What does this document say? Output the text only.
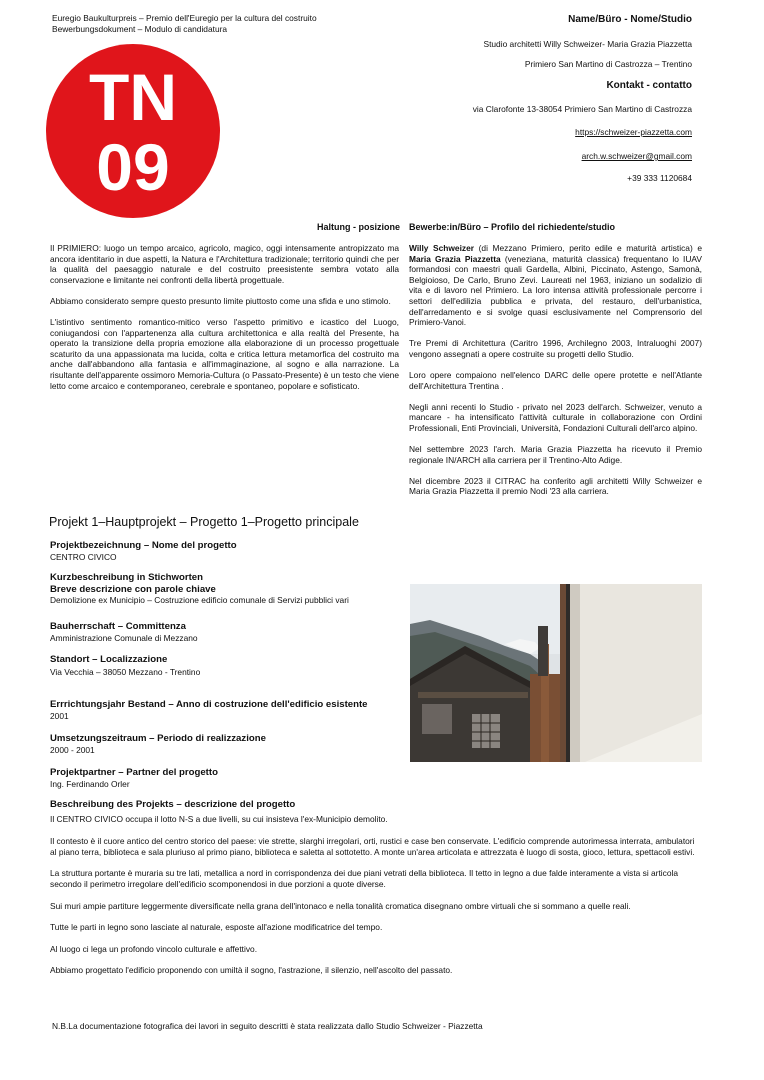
Euregio Baukulturpreis – Premio dell'Euregio per la cultura del costruito
Bewerbungsdokument – Modulo di candidatura
TN
09
Name/Büro - Nome/Studio
Studio architetti Willy Schweizer- Maria Grazia Piazzetta
Primiero San Martino di Castrozza – Trentino
Kontakt - contatto
via Clarofonte 13-38054 Primiero San Martino di Castrozza
https://schweizer-piazzetta.com
arch.w.schweizer@gmail.com
+39 333 1120684
Haltung - posizione

Il PRIMIERO: luogo un tempo arcaico, agricolo, magico, oggi intensamente antropizzato ma ancora identitario in due aspetti, la Natura e l'Architettura tradizionale; territorio quindi che per la qualità del paesaggio naturale e del costruito preesistente sembra votato alla conservazione e limitante nei confronti della libertà progettuale.

Abbiamo considerato sempre questo presunto limite piuttosto come una sfida e uno stimolo.

L'istintivo sentimento romantico-mitico verso l'aspetto primitivo e icastico del Luogo, coniugandosi con l'appartenenza alla cultura architettonica e alla realtà del Presente, ha operato la transizione della propria emozione alla elaborazione di un processo progettuale scaturito da una appassionata ma lucida, colta e critica lettura metamorfica del costruito ma anche dall'abbandono alla fantasia e all'immaginazione, al sogno e alla narrazione. La risultante dell'apparente ossimoro Memoria-Cultura (o Passato-Presente) è un testo che viene letto come arcaico e contemporaneo, cerebrale e spontaneo, popolare e sofisticato.

Bewerbe:in/Büro – Profilo del richiedente/studio

Willy Schweizer (di Mezzano Primiero, perito edile e maturità artistica) e Maria Grazia Piazzetta (veneziana, maturità classica) frequentano lo IUAV formandosi con maestri quali Gardella, Albini, Piccinato, Astengo, Samonà, Belgioioso, De Carlo, Bruno Zevi. Laureati nel 1963, iniziano un sodalizio di vita e di lavoro nel Primiero. La loro intensa attività professionale percorre i settori dell'edilizia pubblica e privata, del restauro, dell'urbanistica, dell'arredamento e si svolge quasi esclusivamente nel Comprensorio del Primiero-Vanoi.

Tre Premi di Architettura (Caritro 1996, Archilegno 2003, Intraluoghi 2007) vengono assegnati a opere costruite su progetti dello Studio.

Loro opere compaiono nell'elenco DARC delle opere protette e nell'Atlante dell'Architettura Trentina .

Negli anni recenti lo Studio - privato nel 2023 dell'arch. Schweizer, venuto a mancare - ha intensificato l'attività culturale in collaborazione con Ordini Professionali, Enti Provinciali, Università, Fondazioni Culturali dell'arco alpino.

Nel settembre 2023 l'arch. Maria Grazia Piazzetta ha ricevuto il Premio regionale IN/ARCH alla carriera per il Trentino-Alto Adige.

Nel dicembre 2023 il CITRAC ha conferito agli architetti Willy Schweizer e Maria Grazia Piazzetta il premio Nodi '23 alla carriera.

Projekt 1–Hauptprojekt – Progetto 1–Progetto principale
Projektbezeichnung – Nome del progetto
CENTRO CIVICO
Kurzbeschreibung in Stichworten
Breve descrizione con parole chiave
Demolizione ex Municipio – Costruzione edificio comunale di Servizi pubblici vari
Bauherrschaft – Committenza
Amministrazione Comunale di Mezzano
Standort – Localizzazione
Via Vecchia – 38050 Mezzano - Trentino
Errrichtungsjahr Bestand – Anno di costruzione dell'edificio esistente
2001
Umsetzungszeitraum – Periodo di realizzazione
2000 - 2001
Projektpartner – Partner del progetto
Ing. Ferdinando Orler
Beschreibung des Projekts – descrizione del progetto

Il CENTRO CIVICO occupa il lotto N-S a due livelli, su cui insisteva l'ex-Municipio demolito.

Il contesto è il cuore antico del centro storico del paese: vie strette, slarghi irregolari, orti, rustici e case ben conservate. L'edificio comprende autorimessa interrata, ambulatori al piano terra, biblioteca e sala pluriuso al primo piano, biblioteca e saletta al sottotetto. A monte un'area articolata e attrezzata è luogo di sosta, gioco, lettura, spettacoli estivi.

La struttura portante è muraria su tre lati, metallica a nord in corrispondenza dei due piani vetrati della biblioteca. Il tetto in legno a due falde interamente a vista si articola secondo il perimetro irregolare dell'edificio scomponendosi in due porzioni a quote diverse.

Sui muri ampie partiture leggermente diversificate nella grana dell'intonaco e nella tonalità cromatica disegnano ombre virtuali che si sommano a quelle reali.

Tutte le parti in legno sono lasciate al naturale, esposte all'azione modificatrice del tempo.

Al luogo ci lega un profondo vincolo culturale e affettivo.

Abbiamo progettato l'edificio proponendo con umiltà il sogno, l'astrazione, il silenzio, nell'ascolto del passato.

N.B.La documentazione fotografica dei lavori in seguito descritti è stata realizzata dallo Studio Schweizer - Piazzetta
